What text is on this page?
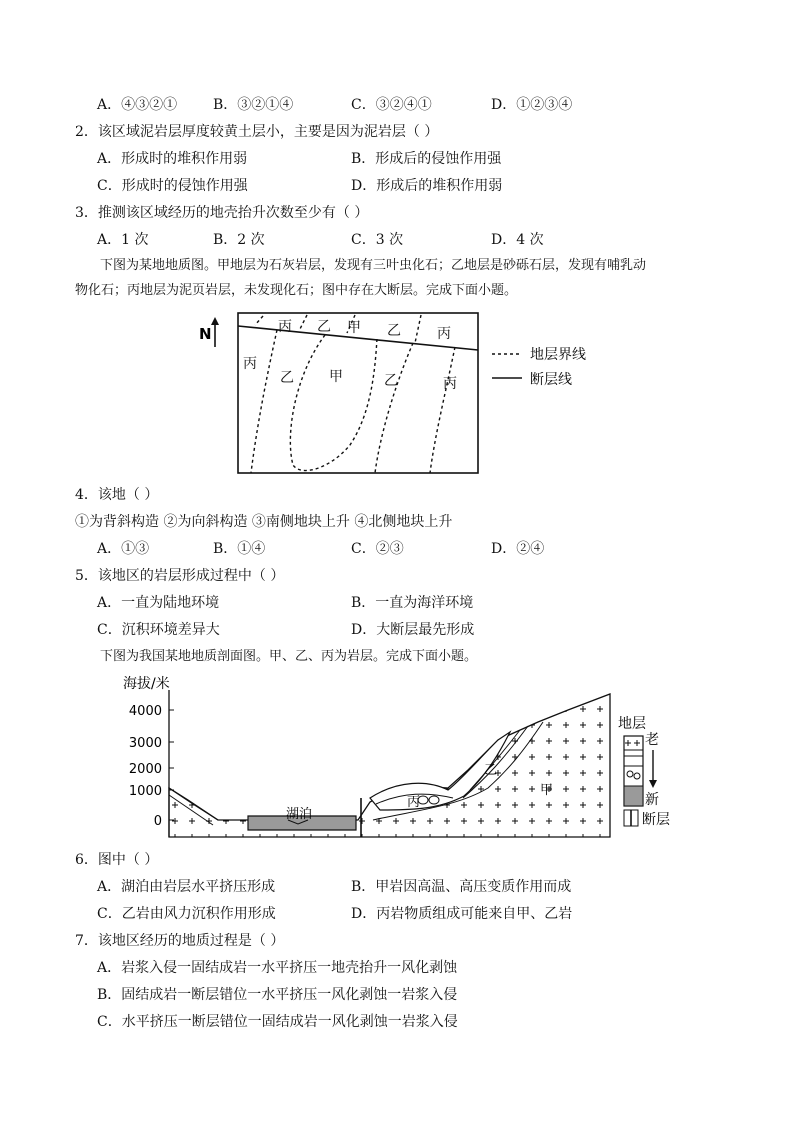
A．④③②①	B．③②①④	C．③②④①	D．①②③④
2．该区域泥岩层厚度较黄土层小，主要是因为泥岩层（ ）
A．形成时的堆积作用弱	B．形成后的侵蚀作用强
C．形成时的侵蚀作用强	D．形成后的堆积作用弱
3．推测该区域经历的地壳抬升次数至少有（ ）
A．1 次	B．2 次	C．3 次	D．4 次
下图为某地地质图。甲地层为石灰岩层，发现有三叶虫化石；乙地层是砂砾石层，发现有哺乳动
物化石；丙地层为泥页岩层，未发现化石；图中存在大断层。完成下面小题。
N	丙 乙 甲 乙	丙
丙
乙	甲	乙	丙
地层界线
断层线
4．该地（ ）
①为背斜构造 ②为向斜构造 ③南侧地块上升 ④北侧地块上升
A．①③	B．①④	C．②③	D．②④
5．该地区的岩层形成过程中（ ）
A．一直为陆地环境	B．一直为海洋环境
C．沉积环境差异大	D．大断层最先形成
下图为我国某地地质剖面图。甲、乙、丙为岩层。完成下面小题。
海拔/米
4000
3000
2000
1000
0	湖泊
丙
乙
甲
地层
老
新
断层
6．图中（ ）
A．湖泊由岩层水平挤压形成	B．甲岩因高温、高压变质作用而成
C．乙岩由风力沉积作用形成	D．丙岩物质组成可能来自甲、乙岩
7．该地区经历的地质过程是（ ）
A．岩浆入侵一固结成岩一水平挤压一地壳抬升一风化剥蚀
B．固结成岩一断层错位一水平挤压一风化剥蚀一岩浆入侵
C．水平挤压一断层错位一固结成岩一风化剥蚀一岩浆入侵
